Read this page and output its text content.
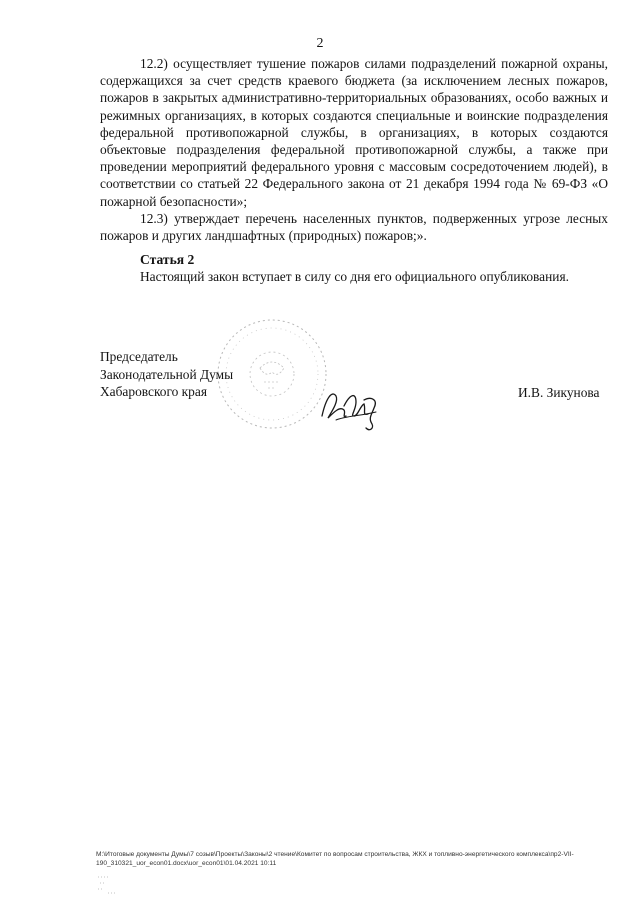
2

12.2) осуществляет тушение пожаров силами подразделений пожарной охраны, содержащихся за счет средств краевого бюджета (за исключением лесных пожаров, пожаров в закрытых административно-территориальных образованиях, особо важных и режимных организациях, в которых создаются специальные и воинские подразделения федеральной противопожарной службы, в организациях, в которых создаются объектовые подразделения федеральной противопожарной службы, а также при проведении мероприятий федерального уровня с массовым сосредоточением людей), в соответствии со статьей 22 Федерального закона от 21 декабря 1994 года № 69-ФЗ «О пожарной безопасности»;

12.3) утверждает перечень населенных пунктов, подверженных угрозе лесных пожаров и других ландшафтных (природных) пожаров;».

Статья 2

Настоящий закон вступает в силу со дня его официального опубликования.

Председатель
Законодательной Думы
Хабаровского края	И.В. Зикунова
M:\Итоговые документы Думы\7 созыв\Проекты\Законы\2 чтение\Комитет по вопросам строительства, ЖКХ и топливно-энергетического комплекса\пр2-VII-190_310321_uor_econ01.docx\uor_econ01\01.04.2021 10:11
